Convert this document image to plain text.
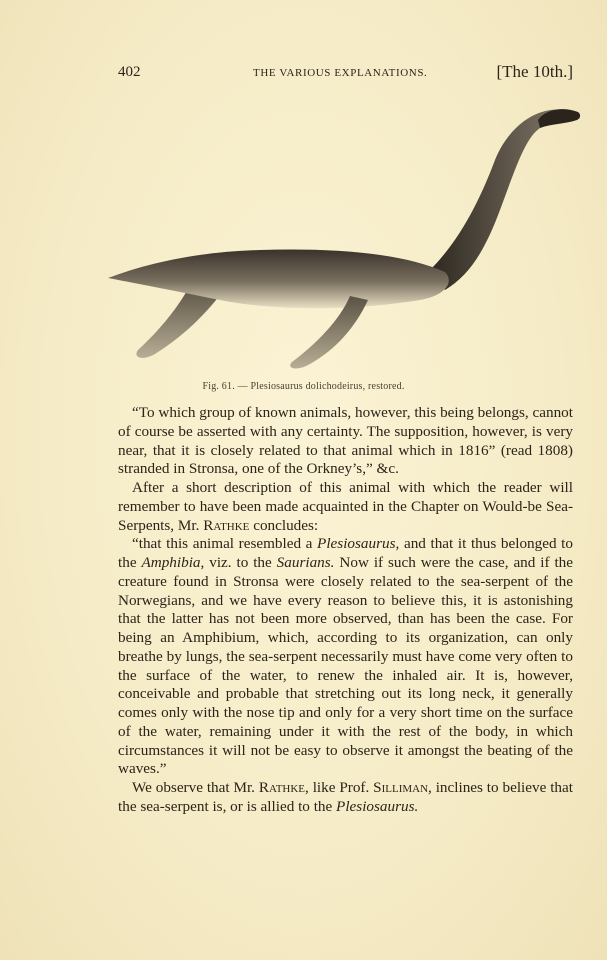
402	THE VARIOUS EXPLANATIONS.	[The 10th.]
Fig. 61. — Plesiosaurus dolichodeirus, restored.

“To which group of known animals, however, this being belongs, cannot of course be asserted with any certainty. The supposition, however, is very near, that it is closely related to that animal which in 1816” (read 1808) stranded in Stronsa, one of the Orkney’s,” &c.

After a short description of this animal with which the reader will remember to have been made acquainted in the Chapter on Would-be Sea-Serpents, Mr. Rathke concludes:

“that this animal resembled a Plesiosaurus, and that it thus belonged to the Amphibia, viz. to the Saurians. Now if such were the case, and if the creature found in Stronsa were closely related to the sea-serpent of the Norwegians, and we have every reason to believe this, it is astonishing that the latter has not been more observed, than has been the case. For being an Amphibium, which, according to its organization, can only breathe by lungs, the sea-serpent necessarily must have come very often to the surface of the water, to renew the inhaled air. It is, however, conceivable and probable that stretching out its long neck, it generally comes only with the nose tip and only for a very short time on the surface of the water, remaining under it with the rest of the body, in which circumstances it will not be easy to observe it amongst the beating of the waves.”

We observe that Mr. Rathke, like Prof. Silliman, inclines to believe that the sea-serpent is, or is allied to the Plesiosaurus.
